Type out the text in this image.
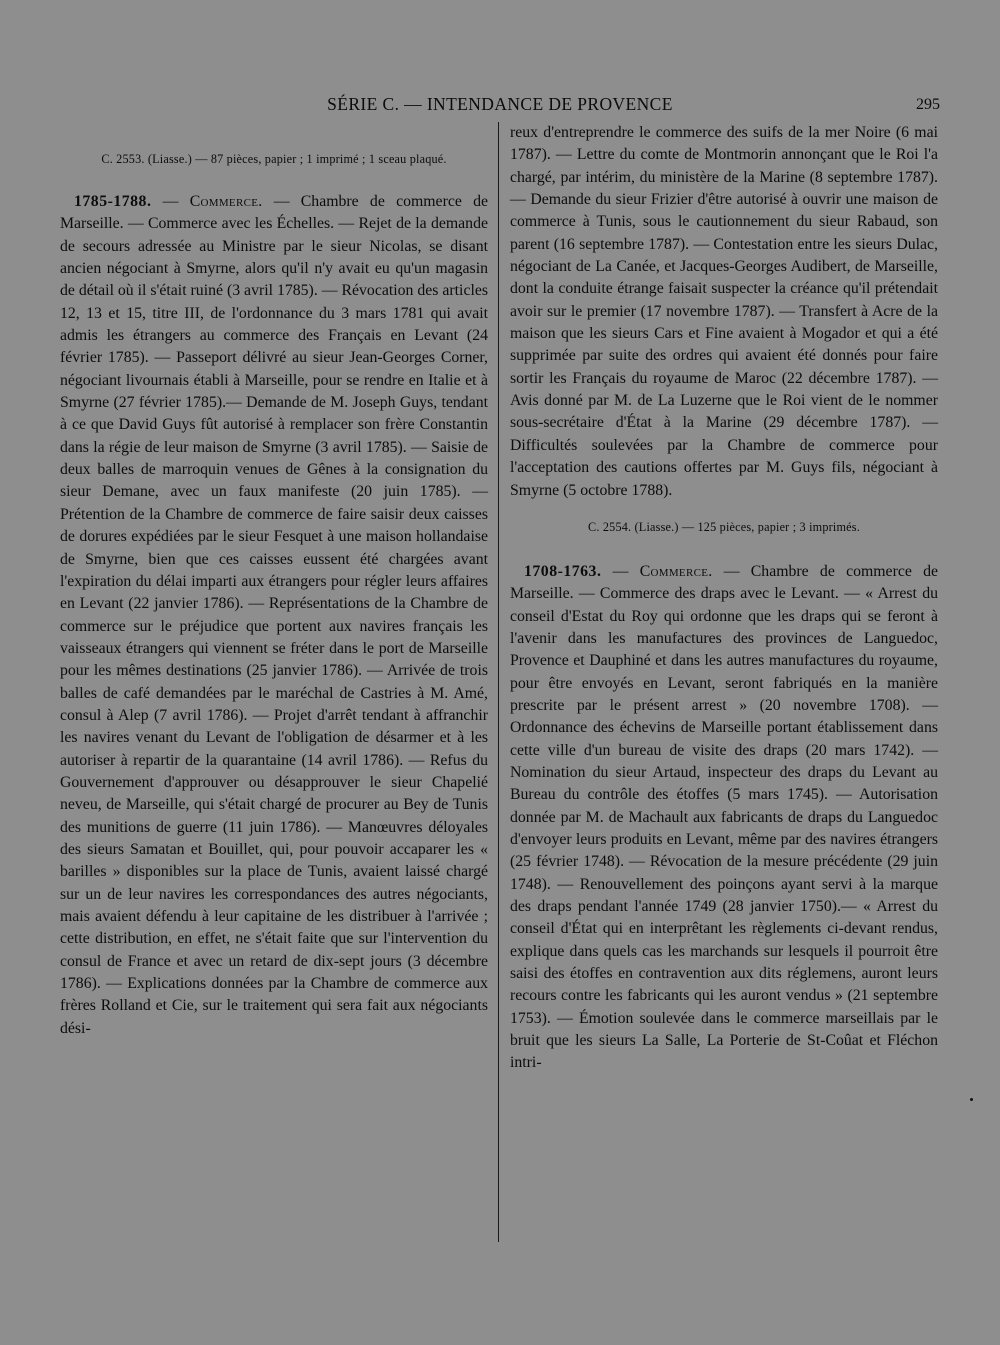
SÉRIE C. — INTENDANCE DE PROVENCE	295
C. 2553. (Liasse.) — 87 pièces, papier ; 1 imprimé ; 1 sceau plaqué.

1785-1788. — Commerce. — Chambre de commerce de Marseille. — Commerce avec les Échelles. — Rejet de la demande de secours adressée au Ministre par le sieur Nicolas, se disant ancien négociant à Smyrne, alors qu'il n'y avait eu qu'un magasin de détail où il s'était ruiné (3 avril 1785). — Révocation des articles 12, 13 et 15, titre III, de l'ordonnance du 3 mars 1781 qui avait admis les étrangers au commerce des Français en Levant (24 février 1785). — Passeport délivré au sieur Jean-Georges Corner, négociant livournais établi à Marseille, pour se rendre en Italie et à Smyrne (27 février 1785).— Demande de M. Joseph Guys, tendant à ce que David Guys fût autorisé à remplacer son frère Constantin dans la régie de leur maison de Smyrne (3 avril 1785). — Saisie de deux balles de marroquin venues de Gênes à la consignation du sieur Demane, avec un faux manifeste (20 juin 1785). — Prétention de la Chambre de commerce de faire saisir deux caisses de dorures expédiées par le sieur Fesquet à une maison hollandaise de Smyrne, bien que ces caisses eussent été chargées avant l'expiration du délai imparti aux étrangers pour régler leurs affaires en Levant (22 janvier 1786). — Représentations de la Chambre de commerce sur le préjudice que portent aux navires français les vaisseaux étrangers qui viennent se fréter dans le port de Marseille pour les mêmes destinations (25 janvier 1786). — Arrivée de trois balles de café demandées par le maréchal de Castries à M. Amé, consul à Alep (7 avril 1786). — Projet d'arrêt tendant à affranchir les navires venant du Levant de l'obligation de désarmer et à les autoriser à repartir de la quarantaine (14 avril 1786). — Refus du Gouvernement d'approuver ou désapprouver le sieur Chapelié neveu, de Marseille, qui s'était chargé de procurer au Bey de Tunis des munitions de guerre (11 juin 1786). — Manœuvres déloyales des sieurs Samatan et Bouillet, qui, pour pouvoir accaparer les « barilles » disponibles sur la place de Tunis, avaient laissé chargé sur un de leur navires les correspondances des autres négociants, mais avaient défendu à leur capitaine de les distribuer à l'arrivée ; cette distribution, en effet, ne s'était faite que sur l'intervention du consul de France et avec un retard de dix-sept jours (3 décembre 1786). — Explications données par la Chambre de commerce aux frères Rolland et Cie, sur le traitement qui sera fait aux négociants dési-

reux d'entreprendre le commerce des suifs de la mer Noire (6 mai 1787). — Lettre du comte de Montmorin annonçant que le Roi l'a chargé, par intérim, du ministère de la Marine (8 septembre 1787). — Demande du sieur Frizier d'être autorisé à ouvrir une maison de commerce à Tunis, sous le cautionnement du sieur Rabaud, son parent (16 septembre 1787). — Contestation entre les sieurs Dulac, négociant de La Canée, et Jacques-Georges Audibert, de Marseille, dont la conduite étrange faisait suspecter la créance qu'il prétendait avoir sur le premier (17 novembre 1787). — Transfert à Acre de la maison que les sieurs Cars et Fine avaient à Mogador et qui a été supprimée par suite des ordres qui avaient été donnés pour faire sortir les Français du royaume de Maroc (22 décembre 1787). — Avis donné par M. de La Luzerne que le Roi vient de le nommer sous-secrétaire d'État à la Marine (29 décembre 1787). — Difficultés soulevées par la Chambre de commerce pour l'acceptation des cautions offertes par M. Guys fils, négociant à Smyrne (5 octobre 1788).

C. 2554. (Liasse.) — 125 pièces, papier ; 3 imprimés.

1708-1763. — Commerce. — Chambre de commerce de Marseille. — Commerce des draps avec le Levant. — « Arrest du conseil d'Estat du Roy qui ordonne que les draps qui se feront à l'avenir dans les manufactures des provinces de Languedoc, Provence et Dauphiné et dans les autres manufactures du royaume, pour être envoyés en Levant, seront fabriqués en la manière prescrite par le présent arrest » (20 novembre 1708). — Ordonnance des échevins de Marseille portant établissement dans cette ville d'un bureau de visite des draps (20 mars 1742). — Nomination du sieur Artaud, inspecteur des draps du Levant au Bureau du contrôle des étoffes (5 mars 1745). — Autorisation donnée par M. de Machault aux fabricants de draps du Languedoc d'envoyer leurs produits en Levant, même par des navires étrangers (25 février 1748). — Révocation de la mesure précédente (29 juin 1748). — Renouvellement des poinçons ayant servi à la marque des draps pendant l'année 1749 (28 janvier 1750).— « Arrest du conseil d'État qui en interprêtant les règlements ci-devant rendus, explique dans quels cas les marchands sur lesquels il pourroit être saisi des étoffes en contravention aux dits réglemens, auront leurs recours contre les fabricants qui les auront vendus » (21 septembre 1753). — Émotion soulevée dans le commerce marseillais par le bruit que les sieurs La Salle, La Porterie de St-Coûat et Fléchon intri-
